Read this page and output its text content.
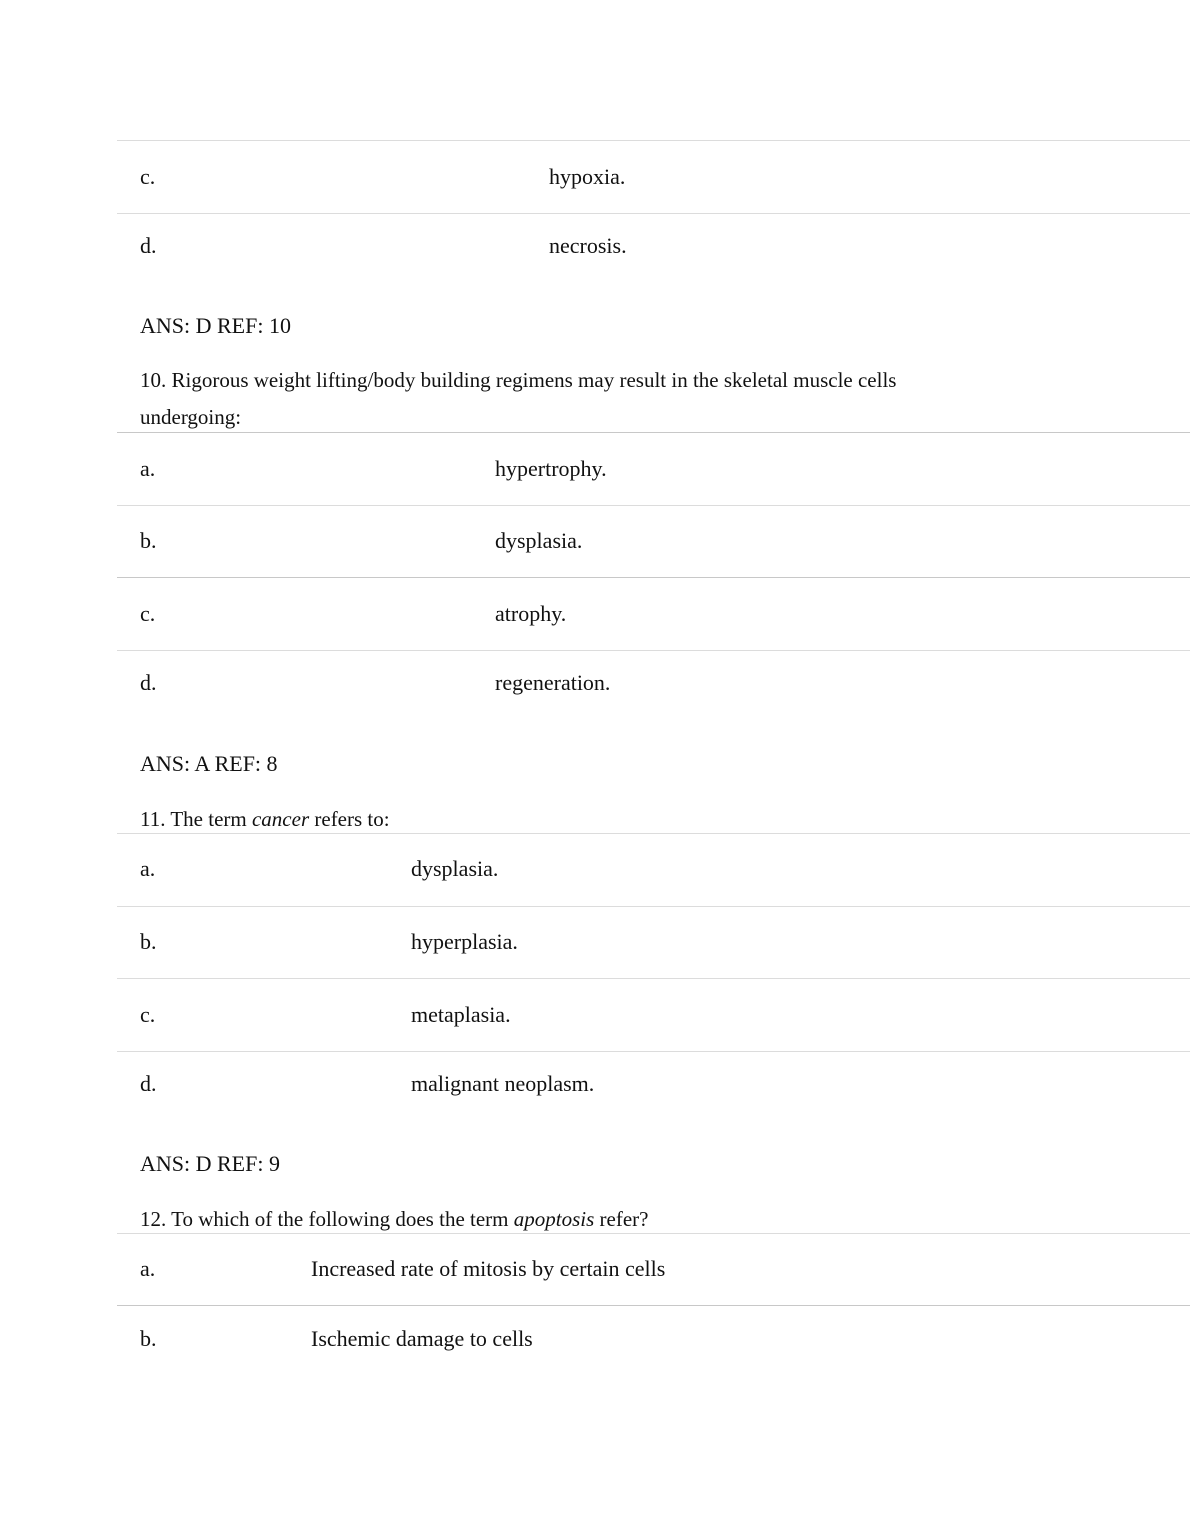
c.	hypoxia.
d.	necrosis.
ANS: D REF: 10
10. Rigorous weight lifting/body building regimens may result in the skeletal muscle cells undergoing:
a.	hypertrophy.
b.	dysplasia.
c.	atrophy.
d.	regeneration.
ANS: A REF: 8
11. The term cancer refers to:
a.	dysplasia.
b.	hyperplasia.
c.	metaplasia.
d.	malignant neoplasm.
ANS: D REF: 9
12. To which of the following does the term apoptosis refer?
a.	Increased rate of mitosis by certain cells
b.	Ischemic damage to cells
